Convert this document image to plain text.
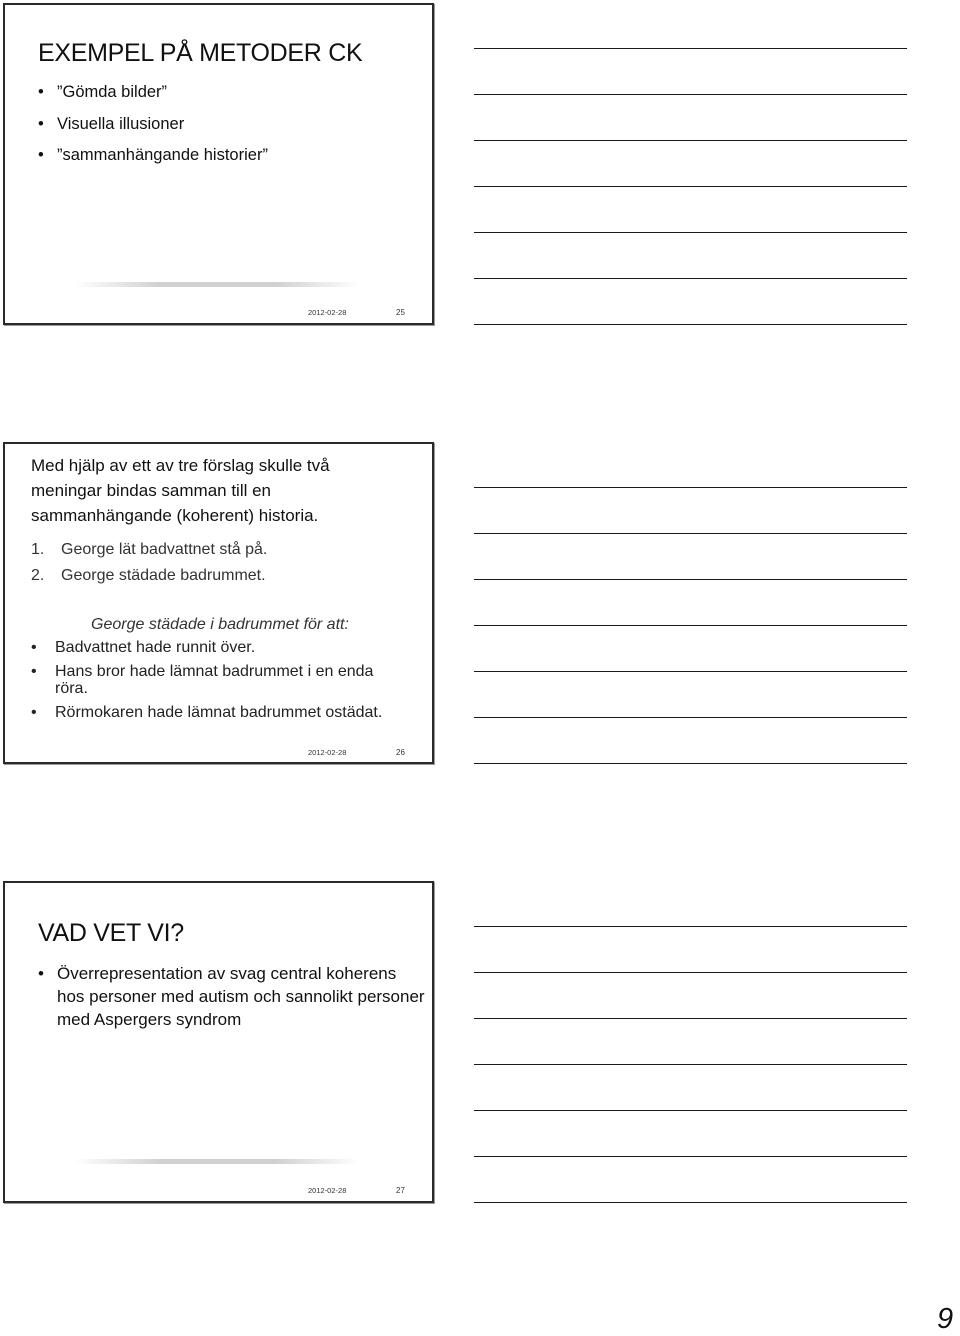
EXEMPEL PÅ METODER CK
• ”Gömda bilder”
• Visuella illusioner
• ”sammanhängande historier”
2012-02-28	25
Med hjälp av ett av tre förslag skulle två
meningar bindas samman till en
sammanhängande (koherent) historia.
1. George lät badvattnet stå på.
2. George städade badrummet.
George städade i badrummet för att:
• Badvattnet hade runnit över.
• Hans bror hade lämnat badrummet i en enda
röra.
• Rörmokaren hade lämnat badrummet ostädat.
2012-02-28	26
VAD VET VI?
• Överrepresentation av svag central koherens
hos personer med autism och sannolikt personer
med Aspergers syndrom
2012-02-28	27
9
